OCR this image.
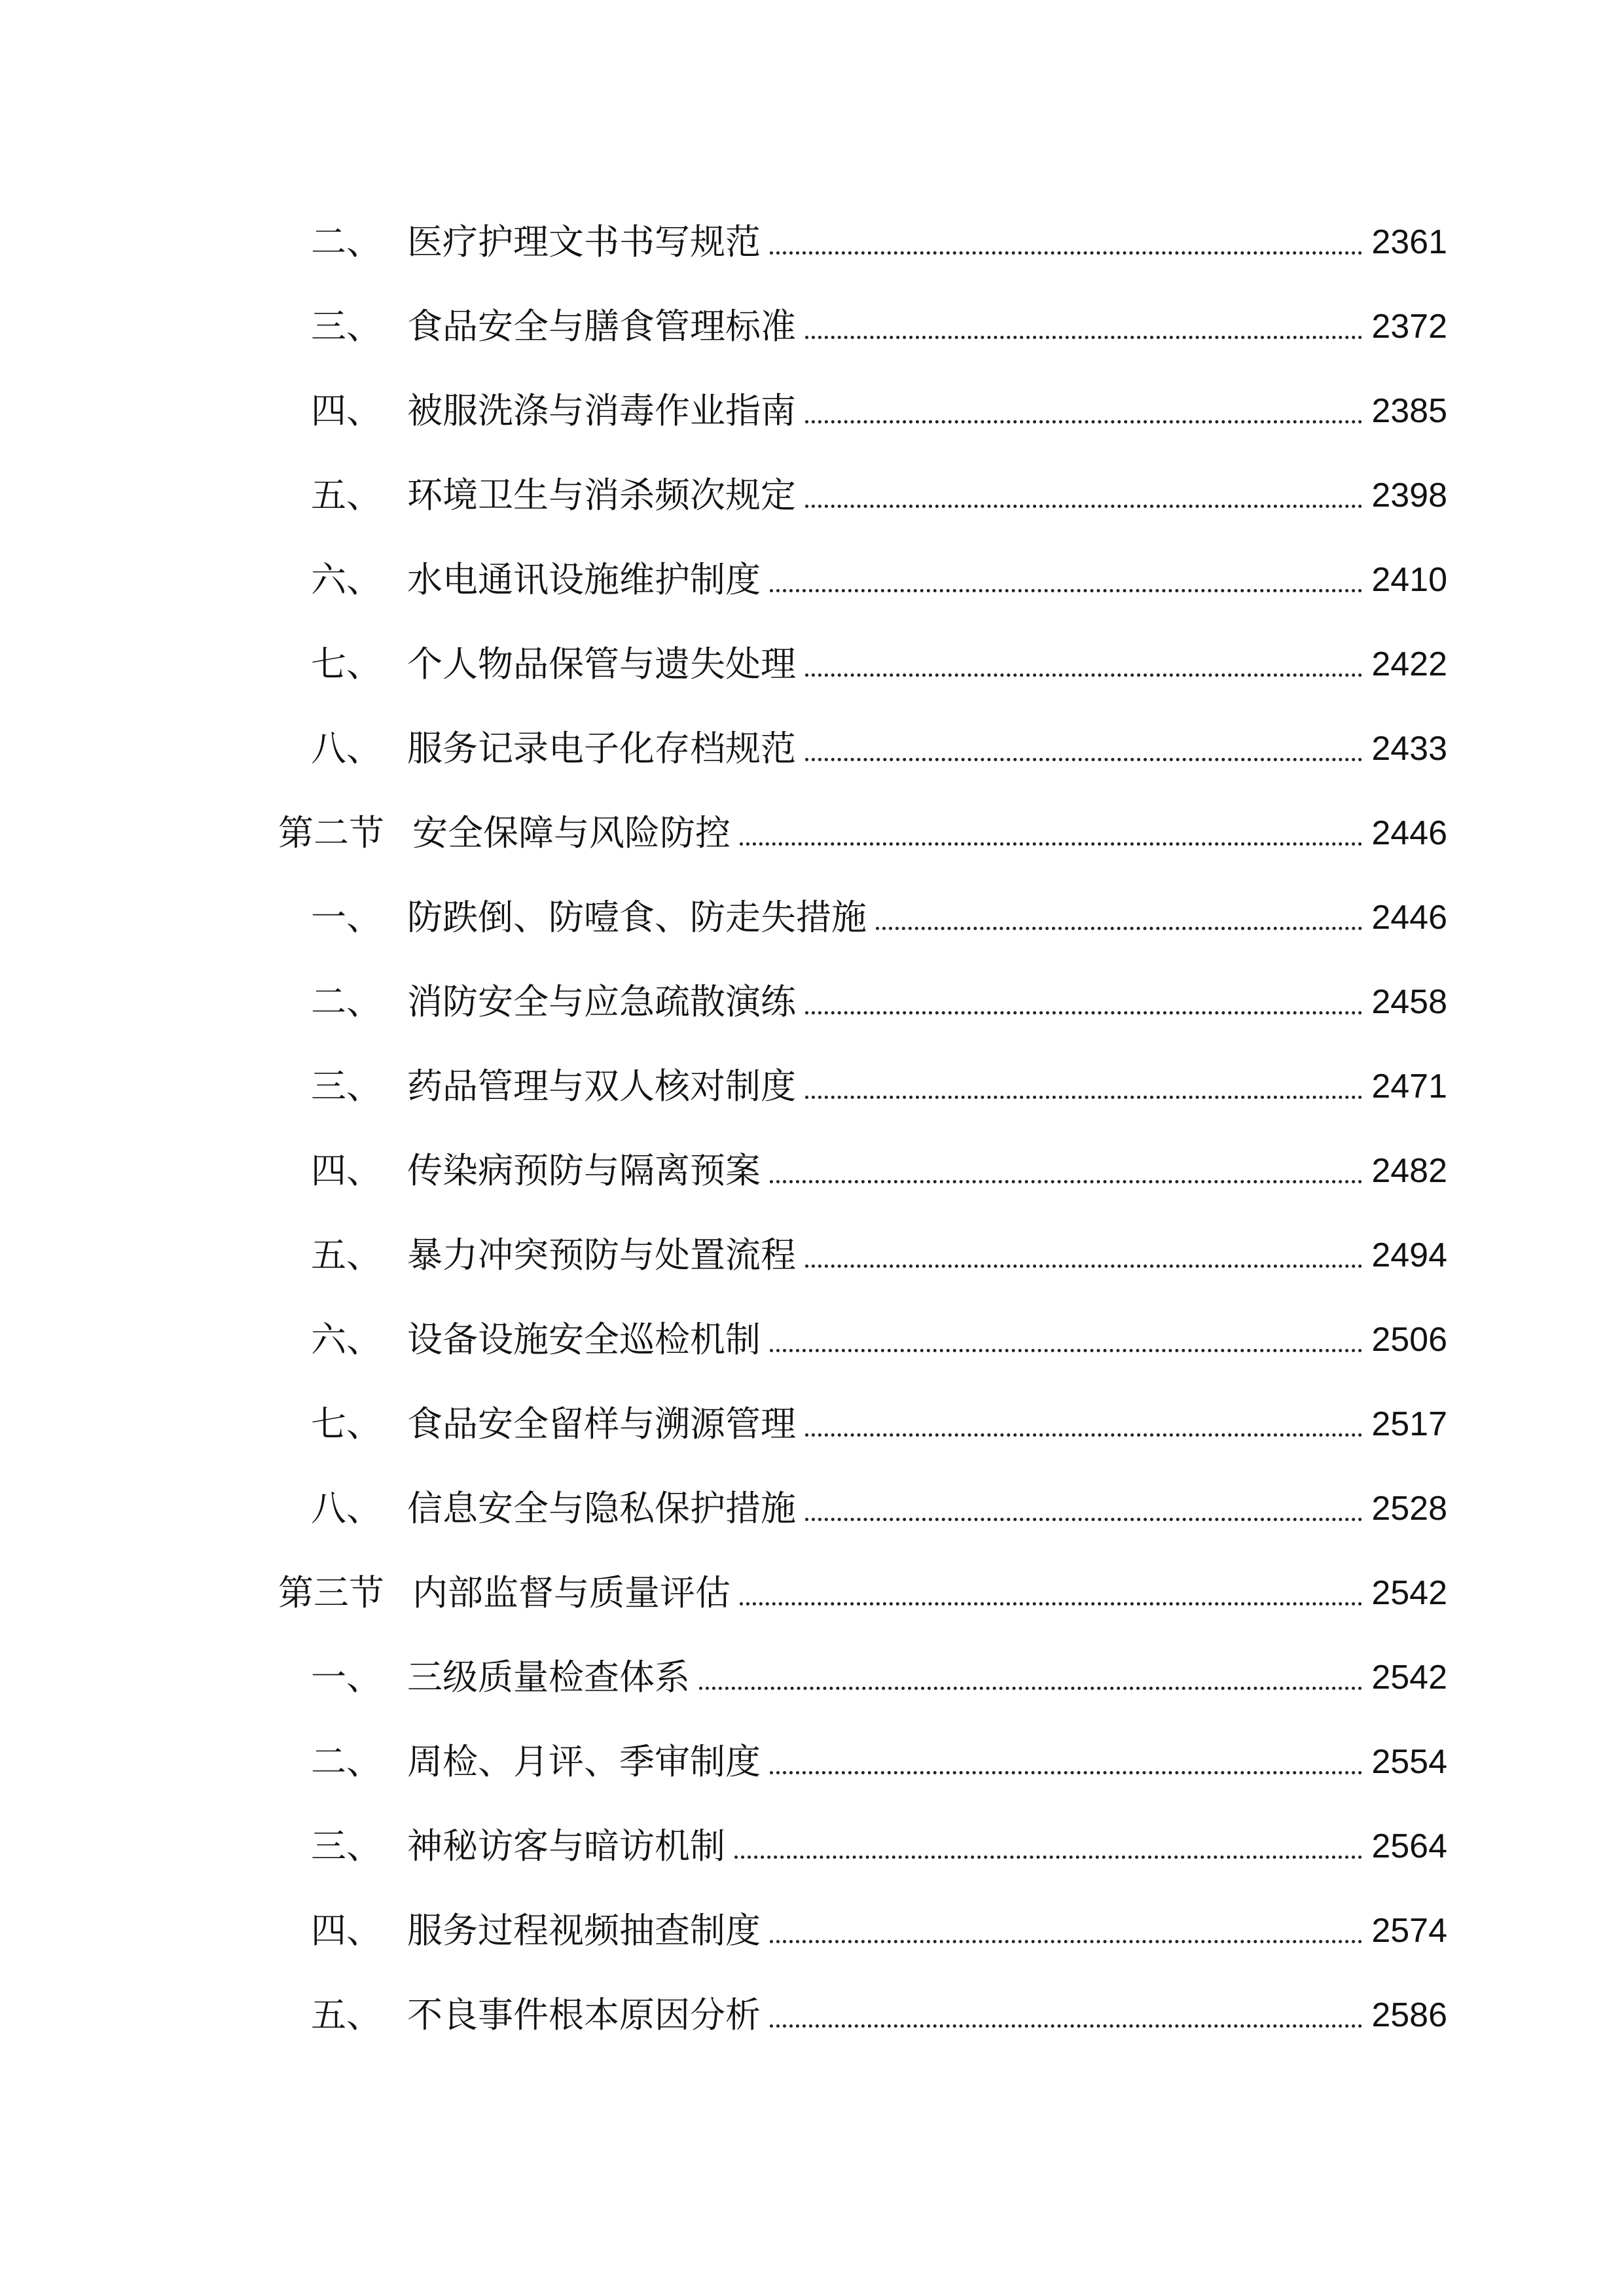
二、 医疗护理文书书写规范	2361
三、 食品安全与膳食管理标准	2372
四、 被服洗涤与消毒作业指南	2385
五、 环境卫生与消杀频次规定	2398
六、 水电通讯设施维护制度	2410
七、 个人物品保管与遗失处理	2422
八、 服务记录电子化存档规范	2433
第二节 安全保障与风险防控	2446
一、 防跌倒、防噎食、防走失措施	2446
二、 消防安全与应急疏散演练	2458
三、 药品管理与双人核对制度	2471
四、 传染病预防与隔离预案	2482
五、 暴力冲突预防与处置流程	2494
六、 设备设施安全巡检机制	2506
七、 食品安全留样与溯源管理	2517
八、 信息安全与隐私保护措施	2528
第三节 内部监督与质量评估	2542
一、 三级质量检查体系	2542
二、 周检、月评、季审制度	2554
三、 神秘访客与暗访机制	2564
四、 服务过程视频抽查制度	2574
五、 不良事件根本原因分析	2586
